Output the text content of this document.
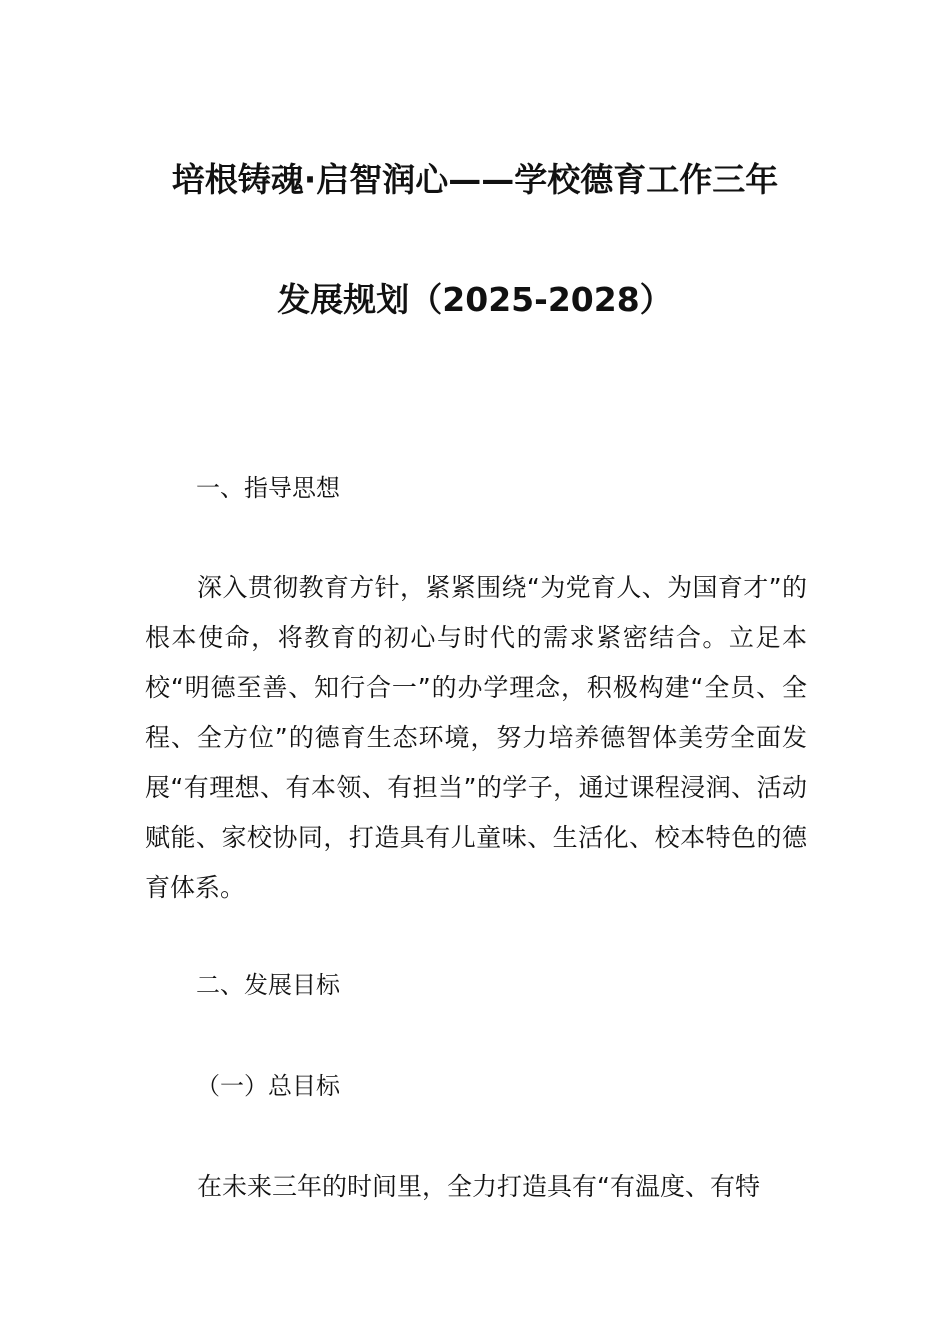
培根铸魂·启智润心——学校德育工作三年
发展规划（2025-2028）
一、指导思想
深入贯彻教育方针，紧紧围绕“为党育人、为国育才”的根本使命，将教育的初心与时代的需求紧密结合。立足本校“明德至善、知行合一”的办学理念，积极构建“全员、全程、全方位”的德育生态环境，努力培养德智体美劳全面发展“有理想、有本领、有担当”的学子，通过课程浸润、活动赋能、家校协同，打造具有儿童味、生活化、校本特色的德育体系。
二、发展目标
（一）总目标
在未来三年的时间里，全力打造具有“有温度、有特
